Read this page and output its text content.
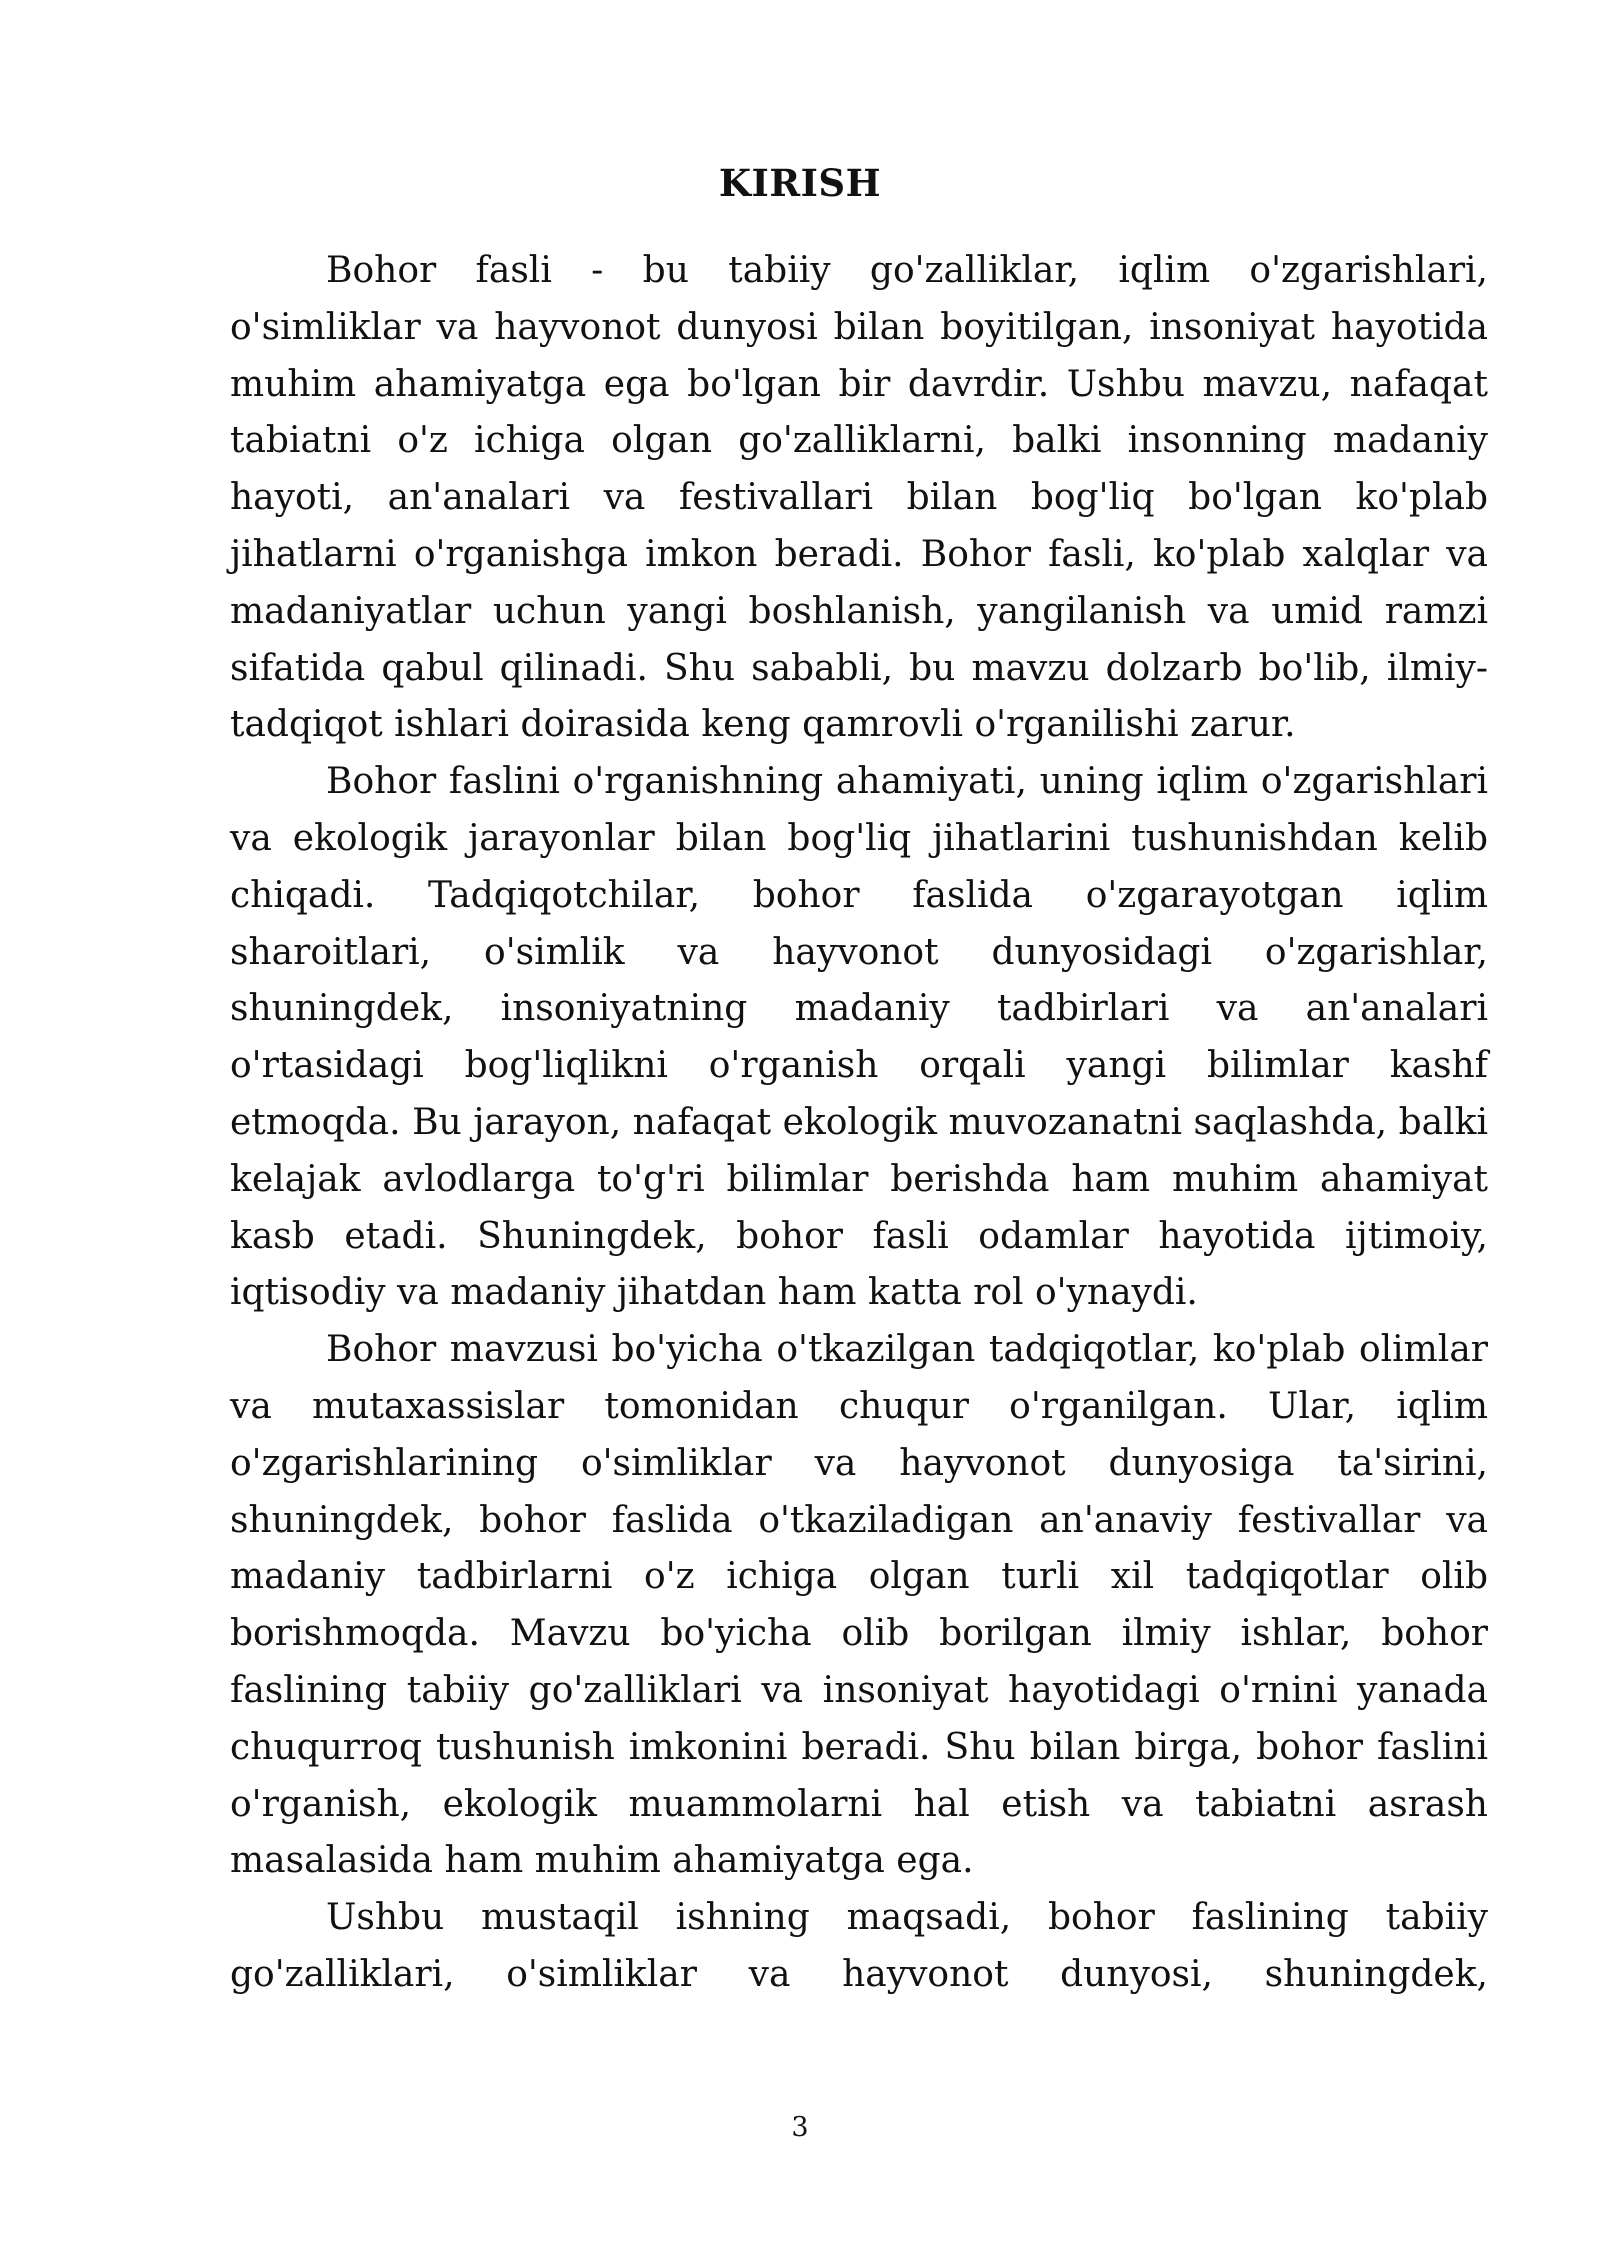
KIRISH

Bohor fasli - bu tabiiy go'zalliklar, iqlim o'zgarishlari, o'simliklar va hayvonot dunyosi bilan boyitilgan, insoniyat hayotida muhim ahamiyatga ega bo'lgan bir davrdir. Ushbu mavzu, nafaqat tabiatni o'z ichiga olgan go'zalliklarni, balki insonning madaniy hayoti, an'analari va festivallari bilan bog'liq bo'lgan ko'plab jihatlarni o'rganishga imkon beradi. Bohor fasli, ko'plab xalqlar va madaniyatlar uchun yangi boshlanish, yangilanish va umid ramzi sifatida qabul qilinadi. Shu sababli, bu mavzu dolzarb bo'lib, ilmiy-tadqiqot ishlari doirasida keng qamrovli o'rganilishi zarur.

Bohor faslini o'rganishning ahamiyati, uning iqlim o'zgarishlari va ekologik jarayonlar bilan bog'liq jihatlarini tushunishdan kelib chiqadi. Tadqiqotchilar, bohor faslida o'zgarayotgan iqlim sharoitlari, o'simlik va hayvonot dunyosidagi o'zgarishlar, shuningdek, insoniyatning madaniy tadbirlari va an'analari o'rtasidagi bog'liqlikni o'rganish orqali yangi bilimlar kashf etmoqda. Bu jarayon, nafaqat ekologik muvozanatni saqlashda, balki kelajak avlodlarga to'g'ri bilimlar berishda ham muhim ahamiyat kasb etadi. Shuningdek, bohor fasli odamlar hayotida ijtimoiy, iqtisodiy va madaniy jihatdan ham katta rol o'ynaydi.

Bohor mavzusi bo'yicha o'tkazilgan tadqiqotlar, ko'plab olimlar va mutaxassislar tomonidan chuqur o'rganilgan. Ular, iqlim o'zgarishlarining o'simliklar va hayvonot dunyosiga ta'sirini, shuningdek, bohor faslida o'tkaziladigan an'anaviy festivallar va madaniy tadbirlarni o'z ichiga olgan turli xil tadqiqotlar olib borishmoqda. Mavzu bo'yicha olib borilgan ilmiy ishlar, bohor faslining tabiiy go'zalliklari va insoniyat hayotidagi o'rnini yanada chuqurroq tushunish imkonini beradi. Shu bilan birga, bohor faslini o'rganish, ekologik muammolarni hal etish va tabiatni asrash masalasida ham muhim ahamiyatga ega.

Ushbu mustaqil ishning maqsadi, bohor faslining tabiiy go'zalliklari, o'simliklar va hayvonot dunyosi, shuningdek,

3
